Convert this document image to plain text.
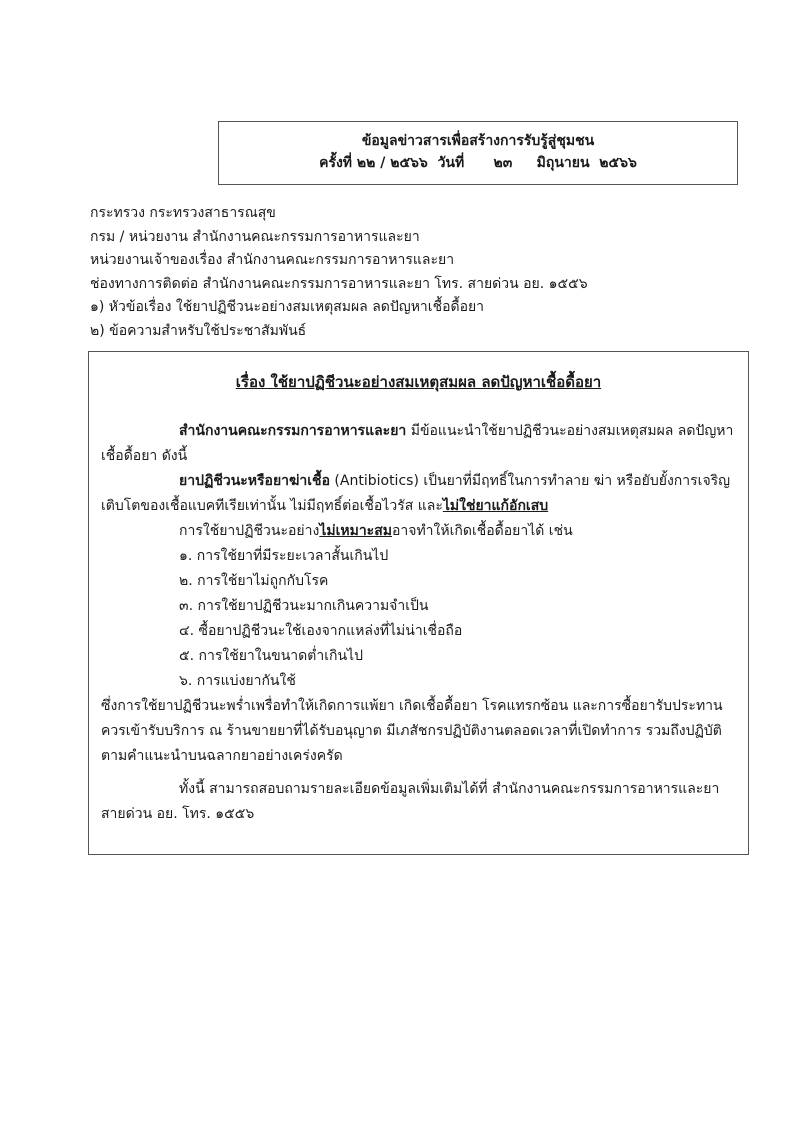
ข้อมูลข่าวสารเพื่อสร้างการรับรู้สู่ชุมชน
ครั้งที่ ๒๒ / ๒๕๖๖  วันที่      ๒๓     มิถุนายน  ๒๕๖๖
กระทรวง กระทรวงสาธารณสุข
กรม / หน่วยงาน สำนักงานคณะกรรมการอาหารและยา
หน่วยงานเจ้าของเรื่อง สำนักงานคณะกรรมการอาหารและยา
ช่องทางการติดต่อ สำนักงานคณะกรรมการอาหารและยา โทร. สายด่วน อย. ๑๕๕๖
๑) หัวข้อเรื่อง ใช้ยาปฏิชีวนะอย่างสมเหตุสมผล ลดปัญหาเชื้อดื้อยา
๒) ข้อความสำหรับใช้ประชาสัมพันธ์
เรื่อง ใช้ยาปฏิชีวนะอย่างสมเหตุสมผล ลดปัญหาเชื้อดื้อยา
สำนักงานคณะกรรมการอาหารและยา มีข้อแนะนำใช้ยาปฏิชีวนะอย่างสมเหตุสมผล ลดปัญหาเชื้อดื้อยา ดังนี้
ยาปฏิชีวนะหรือยาฆ่าเชื้อ (Antibiotics) เป็นยาที่มีฤทธิ์ในการทำลาย ฆ่า หรือยับยั้งการเจริญเติบโตของเชื้อแบคทีเรียเท่านั้น ไม่มีฤทธิ์ต่อเชื้อไวรัส และไม่ใช่ยาแก้อักเสบ
การใช้ยาปฏิชีวนะอย่างไม่เหมาะสมอาจทำให้เกิดเชื้อดื้อยาได้ เช่น
๑. การใช้ยาที่มีระยะเวลาสั้นเกินไป
๒. การใช้ยาไม่ถูกกับโรค
๓. การใช้ยาปฏิชีวนะมากเกินความจำเป็น
๔. ซื้อยาปฏิชีวนะใช้เองจากแหล่งที่ไม่น่าเชื่อถือ
๕. การใช้ยาในขนาดต่ำเกินไป
๖. การแบ่งยากันใช้
ซึ่งการใช้ยาปฏิชีวนะพร่ำเพรื่อทำให้เกิดการแพ้ยา เกิดเชื้อดื้อยา โรคแทรกซ้อน และการซื้อยารับประทาน ควรเข้ารับบริการ ณ ร้านขายยาที่ได้รับอนุญาต มีเภสัชกรปฏิบัติงานตลอดเวลาที่เปิดทำการ รวมถึงปฏิบัติตามคำแนะนำบนฉลากยาอย่างเคร่งครัด
ทั้งนี้ สามารถสอบถามรายละเอียดข้อมูลเพิ่มเติมได้ที่ สำนักงานคณะกรรมการอาหารและยา สายด่วน อย. โทร. ๑๕๕๖
